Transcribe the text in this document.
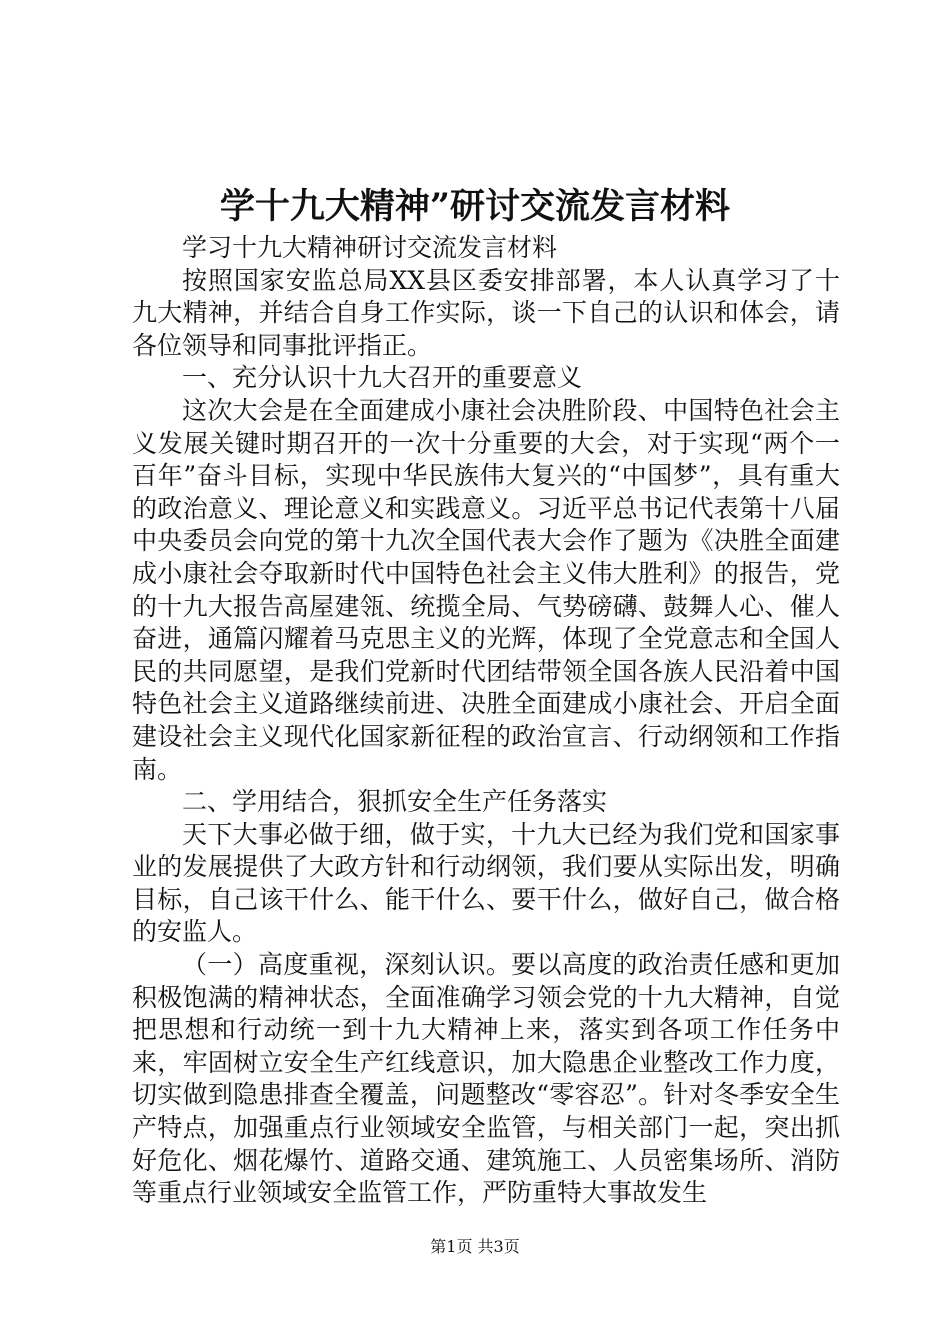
学十九大精神”研讨交流发言材料

学习十九大精神研讨交流发言材料

按照国家安监总局XX县区委安排部署，本人认真学习了十九大精神，并结合自身工作实际，谈一下自己的认识和体会，请各位领导和同事批评指正。

一、充分认识十九大召开的重要意义

这次大会是在全面建成小康社会决胜阶段、中国特色社会主义发展关键时期召开的一次十分重要的大会，对于实现“两个一百年”奋斗目标，实现中华民族伟大复兴的“中国梦”，具有重大的政治意义、理论意义和实践意义。习近平总书记代表第十八届中央委员会向党的第十九次全国代表大会作了题为《决胜全面建成小康社会夺取新时代中国特色社会主义伟大胜利》的报告，党的十九大报告高屋建瓴、统揽全局、气势磅礴、鼓舞人心、催人奋进，通篇闪耀着马克思主义的光辉，体现了全党意志和全国人民的共同愿望，是我们党新时代团结带领全国各族人民沿着中国特色社会主义道路继续前进、决胜全面建成小康社会、开启全面建设社会主义现代化国家新征程的政治宣言、行动纲领和工作指南。

二、学用结合，狠抓安全生产任务落实

天下大事必做于细，做于实，十九大已经为我们党和国家事业的发展提供了大政方针和行动纲领，我们要从实际出发，明确目标，自己该干什么、能干什么、要干什么，做好自己，做合格的安监人。

（一）高度重视，深刻认识。要以高度的政治责任感和更加积极饱满的精神状态，全面准确学习领会党的十九大精神，自觉把思想和行动统一到十九大精神上来，落实到各项工作任务中来，牢固树立安全生产红线意识，加大隐患企业整改工作力度，切实做到隐患排查全覆盖，问题整改“零容忍”。针对冬季安全生产特点，加强重点行业领域安全监管，与相关部门一起，突出抓好危化、烟花爆竹、道路交通、建筑施工、人员密集场所、消防等重点行业领域安全监管工作，严防重特大事故发生

第1页 共3页
